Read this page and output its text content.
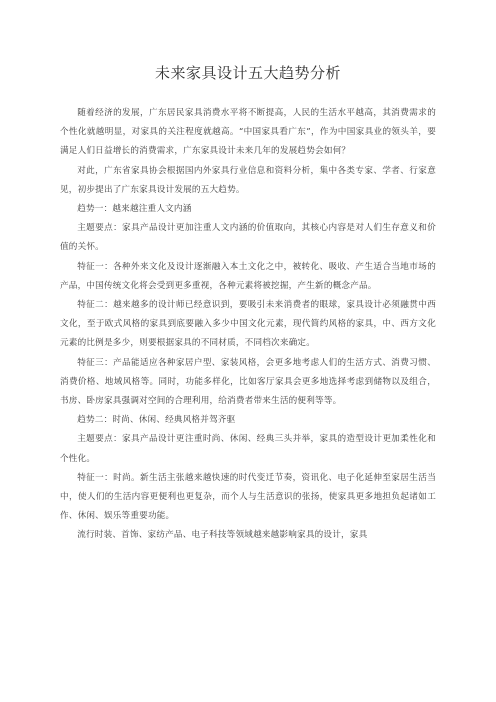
未来家具设计五大趋势分析

随着经济的发展，广东居民家具消费水平将不断提高，人民的生活水平越高，其消费需求的个性化就越明显，对家具的关注程度就越高。“中国家具看广东”，作为中国家具业的领头羊，要满足人们日益增长的消费需求，广东家具设计未来几年的发展趋势会如何？

对此，广东省家具协会根据国内外家具行业信息和资料分析，集中各类专家、学者、行家意见，初步提出了广东家具设计发展的五大趋势。

趋势一：越来越注重人文内涵

主题要点：家具产品设计更加注重人文内涵的价值取向，其核心内容是对人们生存意义和价值的关怀。

特征一：各种外来文化及设计逐渐融入本土文化之中，被转化、吸收、产生适合当地市场的产品，中国传统文化将会受到更多重视，各种元素将被挖掘，产生新的概念产品。

特征二：越来越多的设计师已经意识到，要吸引未来消费者的眼球，家具设计必须融贯中西文化，至于欧式风格的家具到底要融入多少中国文化元素，现代简约风格的家具，中、西方文化元素的比例是多少，则要根据家具的不同材质，不同档次来确定。

特征三：产品能适应各种家居户型、家装风格，会更多地考虑人们的生活方式、消费习惯、消费价格、地域风格等。同时，功能多样化，比如客厅家具会更多地选择考虑到储物以及组合，书房、卧房家具强调对空间的合理利用，给消费者带来生活的便利等等。

趋势二：时尚、休闲、经典风格并驾齐驱

主题要点：家具产品设计更注重时尚、休闲、经典三头并举，家具的造型设计更加柔性化和个性化。

特征一：时尚。新生活主张越来越快速的时代变迁节奏，资讯化、电子化延伸至家居生活当中，使人们的生活内容更便利也更复杂，而个人与生活意识的张扬，使家具更多地担负起诸如工作、休闲、娱乐等重要功能。

流行时装、首饰、家纺产品、电子科技等领域越来越影响家具的设计，家具
